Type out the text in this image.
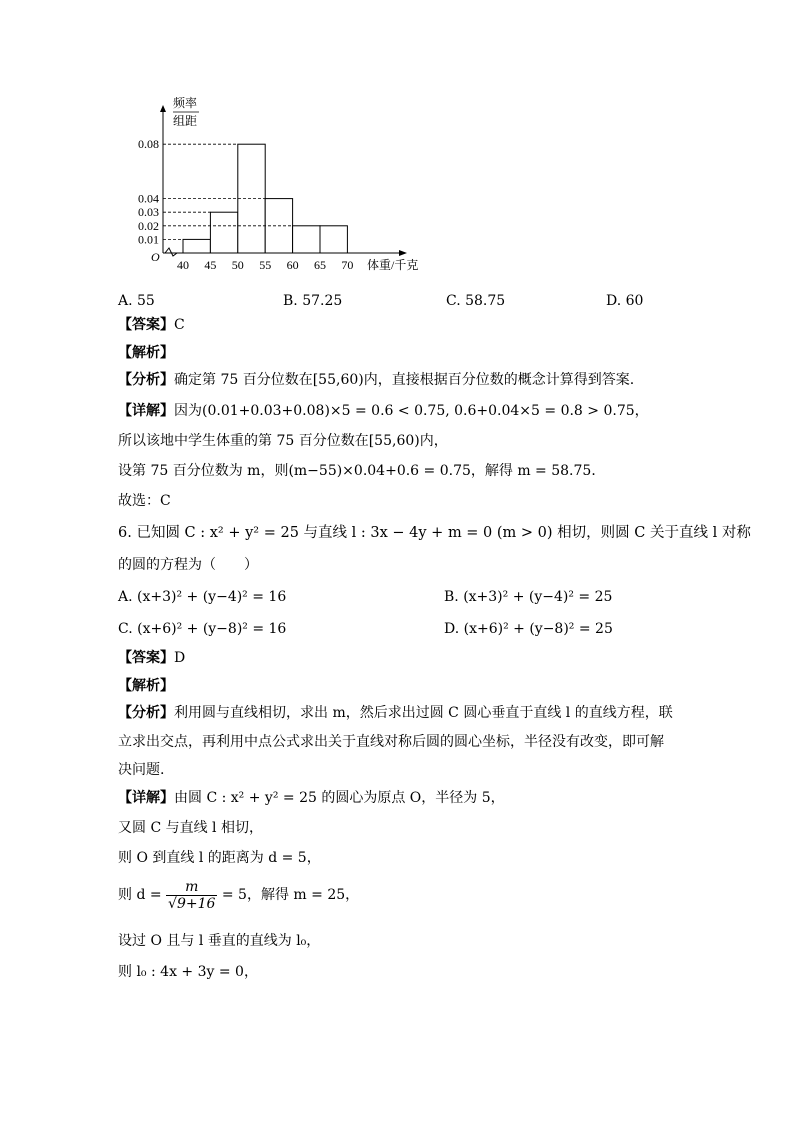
0.01
0.02
0.03
0.04
0.08
40 45 50 55 60 65 70
O
体重/千克
频率
组距
A. 55	B. 57.25	C. 58.75	D. 60
【答案】C
【解析】
【分析】确定第 75 百分位数在[55,60)内，直接根据百分位数的概念计算得到答案.
【详解】因为(0.01+0.03+0.08)×5 = 0.6 < 0.75, 0.6+0.04×5 = 0.8 > 0.75，
所以该地中学生体重的第 75 百分位数在[55,60)内，
设第 75 百分位数为 m，则(m−55)×0.04+0.6 = 0.75，解得 m = 58.75．
故选：C
6. 已知圆 C : x² + y² = 25 与直线 l : 3x − 4y + m = 0 (m > 0) 相切，则圆 C 关于直线 l 对称
的圆的方程为（　　）
A. (x+3)² + (y−4)² = 16	B. (x+3)² + (y−4)² = 25
C. (x+6)² + (y−8)² = 16	D. (x+6)² + (y−8)² = 25
【答案】D
【解析】
【分析】利用圆与直线相切，求出 m，然后求出过圆 C 圆心垂直于直线 l 的直线方程，联
立求出交点，再利用中点公式求出关于直线对称后圆的圆心坐标，半径没有改变，即可解
决问题.
【详解】由圆 C : x² + y² = 25 的圆心为原点 O，半径为 5，
又圆 C 与直线 l 相切，
则 O 到直线 l 的距离为 d = 5，
则 $d = \frac{m}{√9+16} = 5$，解得 m = 25，
设过 O 且与 l 垂直的直线为 l₀，
则 l₀ : 4x + 3y = 0，
